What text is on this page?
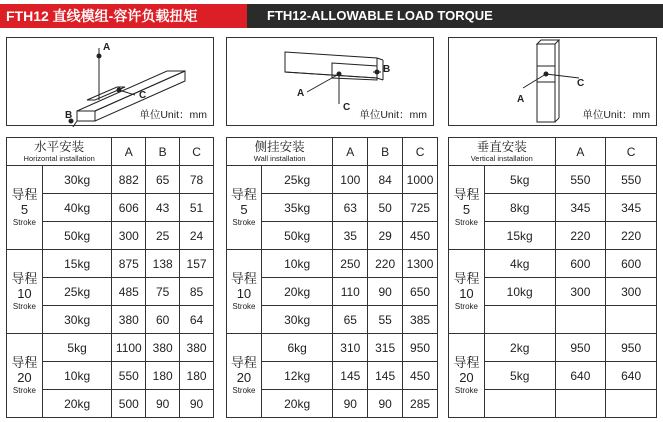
FTH12 直线模组-容许负载扭矩	FTH12-ALLOWABLE LOAD TORQUE
A
C
B	单位Unit：mm
B
A
C
单位Unit：mm
A
C
单位Unit：mm
水平安装
Horizontal installation		A	B	C
导程
5
Stroke	30kg	882	65	78
	40kg	606	43	51
	50kg	300	25	24
导程
10
Stroke	15kg	875	138	157
	25kg	485	75	85
	30kg	380	60	64
导程
20
Stroke	5kg	1100	380	380
	10kg	550	180	180
	20kg	500	90	90
侧挂安装
Wall installation		A	B	C
导程
5
Stroke	25kg	100	84	1000
	35kg	63	50	725
	50kg	35	29	450
导程
10
Stroke	10kg	250	220	1300
	20kg	110	90	650
	30kg	65	55	385
导程
20
Stroke	6kg	310	315	950
	12kg	145	145	450
	20kg	90	90	285
垂直安装
Vertical installation		A	C
导程
5
Stroke	5kg	550	550
	8kg	345	345
	15kg	220	220
导程
10
Stroke	4kg	600	600
	10kg	300	300

导程
20
Stroke	2kg	950	950
	5kg	640	640
